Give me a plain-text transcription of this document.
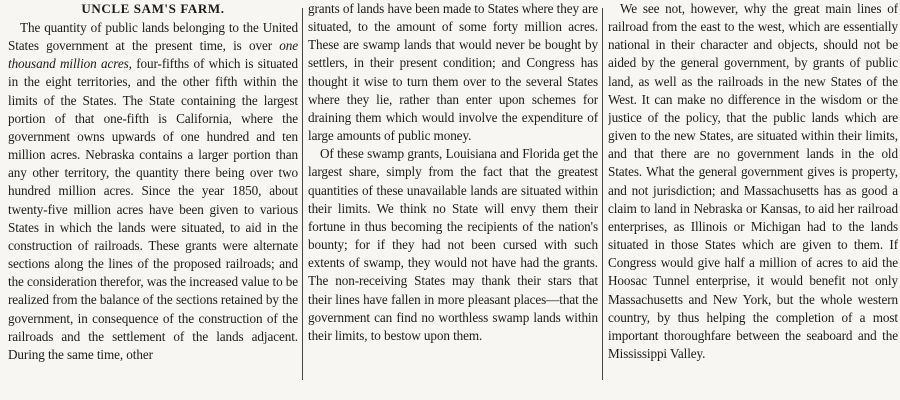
UNCLE SAM'S FARM.

The quantity of public lands belonging to the United States government at the present time, is over one thousand million acres, four-fifths of which is situated in the eight territories, and the other fifth within the limits of the States. The State containing the largest portion of that one-fifth is California, where the government owns upwards of one hundred and ten million acres. Nebraska contains a larger portion than any other territory, the quantity there being over two hundred million acres. Since the year 1850, about twenty-five million acres have been given to various States in which the lands were situated, to aid in the construction of railroads. These grants were alternate sections along the lines of the proposed railroads; and the consideration therefor, was the increased value to be realized from the balance of the sections retained by the government, in consequence of the construction of the railroads and the settlement of the lands adjacent. During the same time, other

grants of lands have been made to States where they are situated, to the amount of some forty million acres. These are swamp lands that would never be bought by settlers, in their present condition; and Congress has thought it wise to turn them over to the several States where they lie, rather than enter upon schemes for draining them which would involve the expenditure of large amounts of public money.

Of these swamp grants, Louisiana and Florida get the largest share, simply from the fact that the greatest quantities of these unavailable lands are situated within their limits. We think no State will envy them their fortune in thus becoming the recipients of the nation's bounty; for if they had not been cursed with such extents of swamp, they would not have had the grants. The non-receiving States may thank their stars that their lines have fallen in more pleasant places—that the government can find no worthless swamp lands within their limits, to bestow upon them.

We see not, however, why the great main lines of railroad from the east to the west, which are essentially national in their character and objects, should not be aided by the general government, by grants of public land, as well as the railroads in the new States of the West. It can make no difference in the wisdom or the justice of the policy, that the public lands which are given to the new States, are situated within their limits, and that there are no government lands in the old States. What the general government gives is property, and not jurisdiction; and Massachusetts has as good a claim to land in Nebraska or Kansas, to aid her railroad enterprises, as Illinois or Michigan had to the lands situated in those States which are given to them. If Congress would give half a million of acres to aid the Hoosac Tunnel enterprise, it would benefit not only Massachusetts and New York, but the whole western country, by thus helping the completion of a most important thoroughfare between the seaboard and the Mississippi Valley.
